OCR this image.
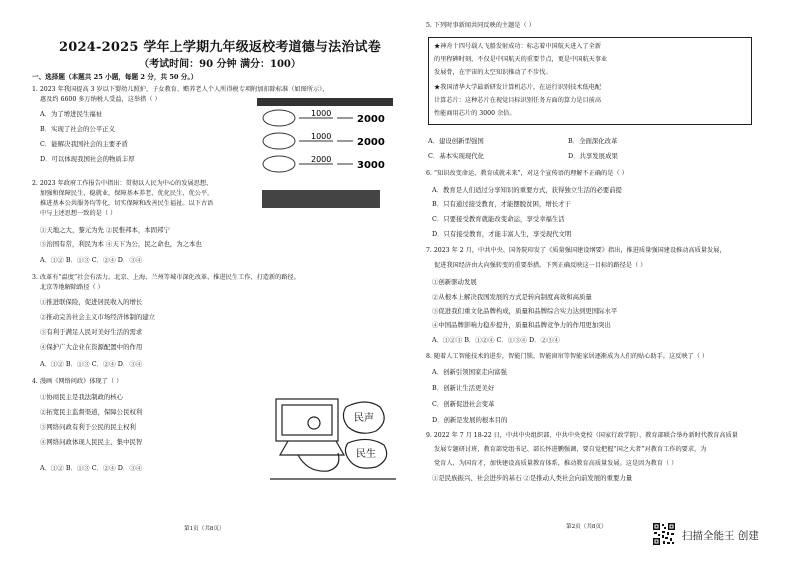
2024-2025 学年上学期九年级返校考道德与法治试卷
（考试时间：90 分钟 满分：100）
一、选择题（本题共 25 小题，每题 2 分，共 50 分。）
1. 2023 年我国提高 3 岁以下婴幼儿照护、子女教育、赡养老人个人所得税专项附加扣除标准（如图所示），
惠及约 6600 多万纳税人受益，这举措（ ）
A．为了增进民生福祉
B．实现了社会的公平正义
C．能解决我国社会的主要矛盾
D．可以体现我国社会的物质丰厚
1000
2000
1000
2000
2000
3000
2. 2023 年政府工作报告中指出：贯彻以人民为中心的发展思想，
加强和保障民生，稳就业，保障基本养老、优化民生、优公平，
推进基本公共服务均等化，切实保障和改善民生福祉。以下古语
中与上述思想一致的是（ ）
①天地之大，黎元为先 ②民惟邦本，本固邦宁
③治国有常，利民为本 ④天下为公，民之命也，为之本也
A．①② B．①③ C．②④ D．③④
3. 改革有“温度”社会有活力。北京、上海、兰州等城市深化改革，推进民生工作，打造新的路径。
北京等地解除路径（ ）
①推进联保险，促进居民收入的增长
②推动完善社会主义市场经济体制的建立
③有利于满足人民对美好生活的需求
④保护广大企业在资源配置中的作用
A．①② B．①③ C．②④ D．③④
4. 漫画《网络问政》体现了（ ）
①协商民主是我法制政的核心
②拓宽民主监督渠道，保障公民权利
③网络问政有利于公民的民主权利
④网络问政体现人民民主、集中民智
A．①② B．①③ C．②④ D．③④
民声
民生
第1页（共8页）
5. 下列时事新闻共同反映的主题是（ ）
★神舟十四号载人飞船发射成功：标志着中国航天进入了全新
的里程碑时刻，不仅是中国航天的重要节点，更是中国航天事业
发展骨，在宇宙的太空知识推动了不步伐。
★我国清华大学最新研发计算机芯片，在运行识别技术低电配
计算芯片：这种芯片在视觉目标识别任务方面的算力是目前高
性能商用芯片的 3000 余倍。
A．建设创新型强国	B．全面深化改革
C．基本实现现代化	D．共享发展成果
6. “知识改变命运，教育成就未来”，对这个宣传语的理解不正确的是（ ）
A．教育是人们适过分享知识的重要方式，获得独立生活的必要前提
B．只有通过接受教育，才能摆脱贫困，增长才干
C．只要接受教育就能改变命运，享受幸福生活
D．只有接受教育，才能丰富人生，享受现代文明
7. 2023 年 2 月，中共中央、国务院印发了《质量强国建设纲要》指出，推进质量强国建设推动高质量发展，
促进我国经济由大向强转变的重要举措。下列正确反映这一目标的路径是（ ）
①创新驱动发展
②从根本上解决我国发展的方式是转向制度高效和高质量
③促进我们重文化品牌构成，质量和品牌综合实力达到更国际水平
④中国品牌影响力稳步提升，质量和品牌竞争力的作用更加突出
A．①②③ B．①②④ C．①③④ D．②③④
8. 随着人工智能技术的进步，智能门锁、智能窗帘等智能家居逐渐成为人们的贴心助手。这反映了（ ）
A．创新引领国家走向富强
B．创新让生活更美好
C．创新促进社会变革
D．创新是发展的根本目的
9. 2022 年 7 月 18-22 日，中共中央组织部、中共中央党校（国家行政学院）、教育部联合举办新时代教育高质量
发展专题研讨班，教育部党组书记、部长怀进鹏强调，要自觉把握“国之大者”对教育工作的要求，为
党育人、为国育才，加快建设高质量教育体系，推动教育高质量发展。这是因为教育（ ）
①是民族振兴、社会进步的基石 ②是推动人类社会向前发展的重要力量
第2页（共8页）
扫描全能王 创建
